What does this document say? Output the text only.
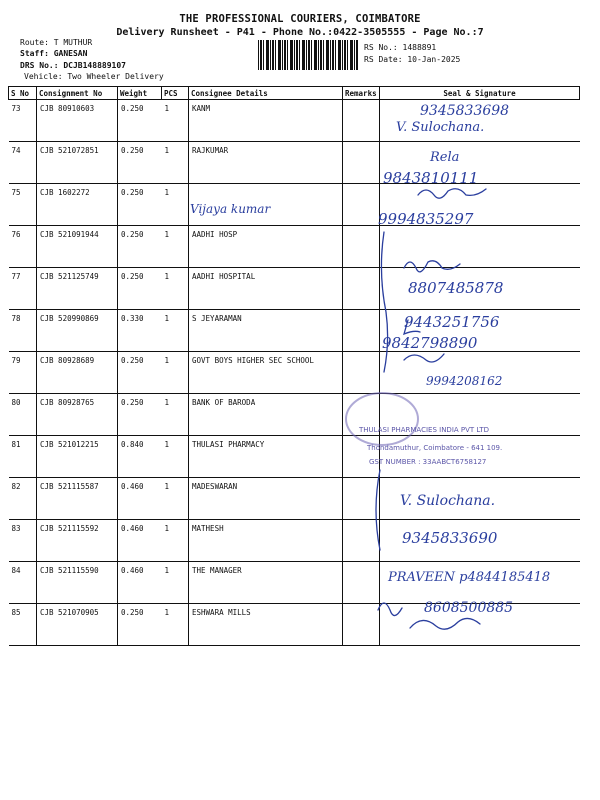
THE PROFESSIONAL COURIERS, COIMBATORE
Delivery Runsheet - P41 - Phone No.:0422-3505555 - Page No.:7
Route: T MUTHUR
Staff: GANESAN
DRS No.: DCJB148889107
Vehicle: Two Wheeler Delivery
RS No.: 1488891
RS Date: 10-Jan-2025
S No	Consignment No	Weight	PCS	Consignee Details	Remarks	Seal & Signature
73	CJB 80910603	0.250	1	KANM		
74	CJB 521072851	0.250	1	RAJKUMAR		
75	CJB 1602272	0.250	1			
76	CJB 521091944	0.250	1	AADHI HOSP		
77	CJB 521125749	0.250	1	AADHI HOSPITAL		
78	CJB 520990869	0.330	1	S JEYARAMAN		
79	CJB 80928689	0.250	1	GOVT BOYS HIGHER SEC SCHOOL		
80	CJB 80928765	0.250	1	BANK OF BARODA		
81	CJB 521012215	0.840	1	THULASI PHARMACY		
82	CJB 521115587	0.460	1	MADESWARAN		
83	CJB 521115592	0.460	1	MATHESH		
84	CJB 521115590	0.460	1	THE MANAGER		
85	CJB 521070905	0.250	1	ESHWARA MILLS		
9345833698
V. Sulochana.
Rela
9843810111
Vijaya kumar
9994835297
8807485878
9443251756
9842798890
9994208162
V. Sulochana.
9345833690
PRAVEEN p4844185418
8608500885
THULASI PHARMACIES INDIA PVT LTD
Thondamuthur, Coimbatore - 641 109.
GST NUMBER : 33AABCT6758127
